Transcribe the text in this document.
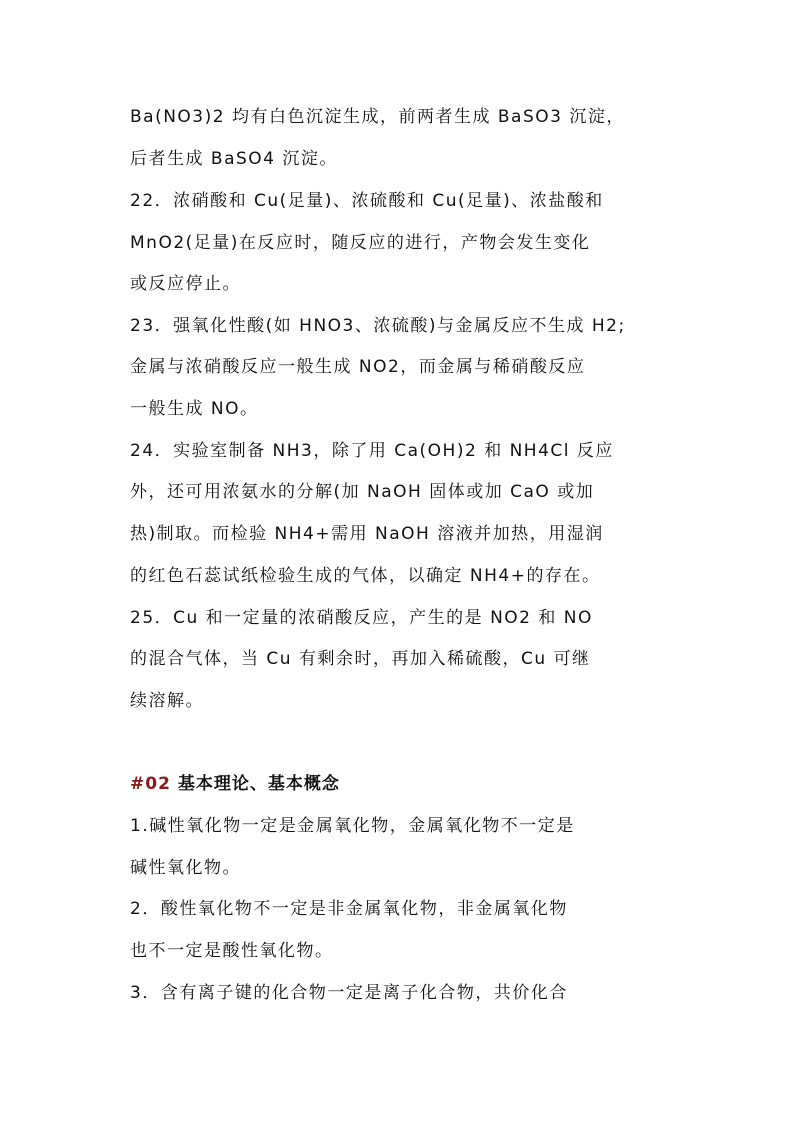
Ba(NO3)2 均有白色沉淀生成，前两者生成 BaSO3 沉淀，
后者生成 BaSO4 沉淀。
22．浓硝酸和 Cu(足量)、浓硫酸和 Cu(足量)、浓盐酸和
MnO2(足量)在反应时，随反应的进行，产物会发生变化
或反应停止。
23．强氧化性酸(如 HNO3、浓硫酸)与金属反应不生成 H2;
金属与浓硝酸反应一般生成 NO2，而金属与稀硝酸反应
一般生成 NO。
24．实验室制备 NH3，除了用 Ca(OH)2 和 NH4Cl 反应
外，还可用浓氨水的分解(加 NaOH 固体或加 CaO 或加
热)制取。而检验 NH4+需用 NaOH 溶液并加热，用湿润
的红色石蕊试纸检验生成的气体，以确定 NH4+的存在。
25．Cu 和一定量的浓硝酸反应，产生的是 NO2 和 NO
的混合气体，当 Cu 有剩余时，再加入稀硫酸，Cu 可继
续溶解。
#02 基本理论、基本概念
1.碱性氧化物一定是金属氧化物，金属氧化物不一定是
碱性氧化物。
2．酸性氧化物不一定是非金属氧化物，非金属氧化物
也不一定是酸性氧化物。
3．含有离子键的化合物一定是离子化合物，共价化合
